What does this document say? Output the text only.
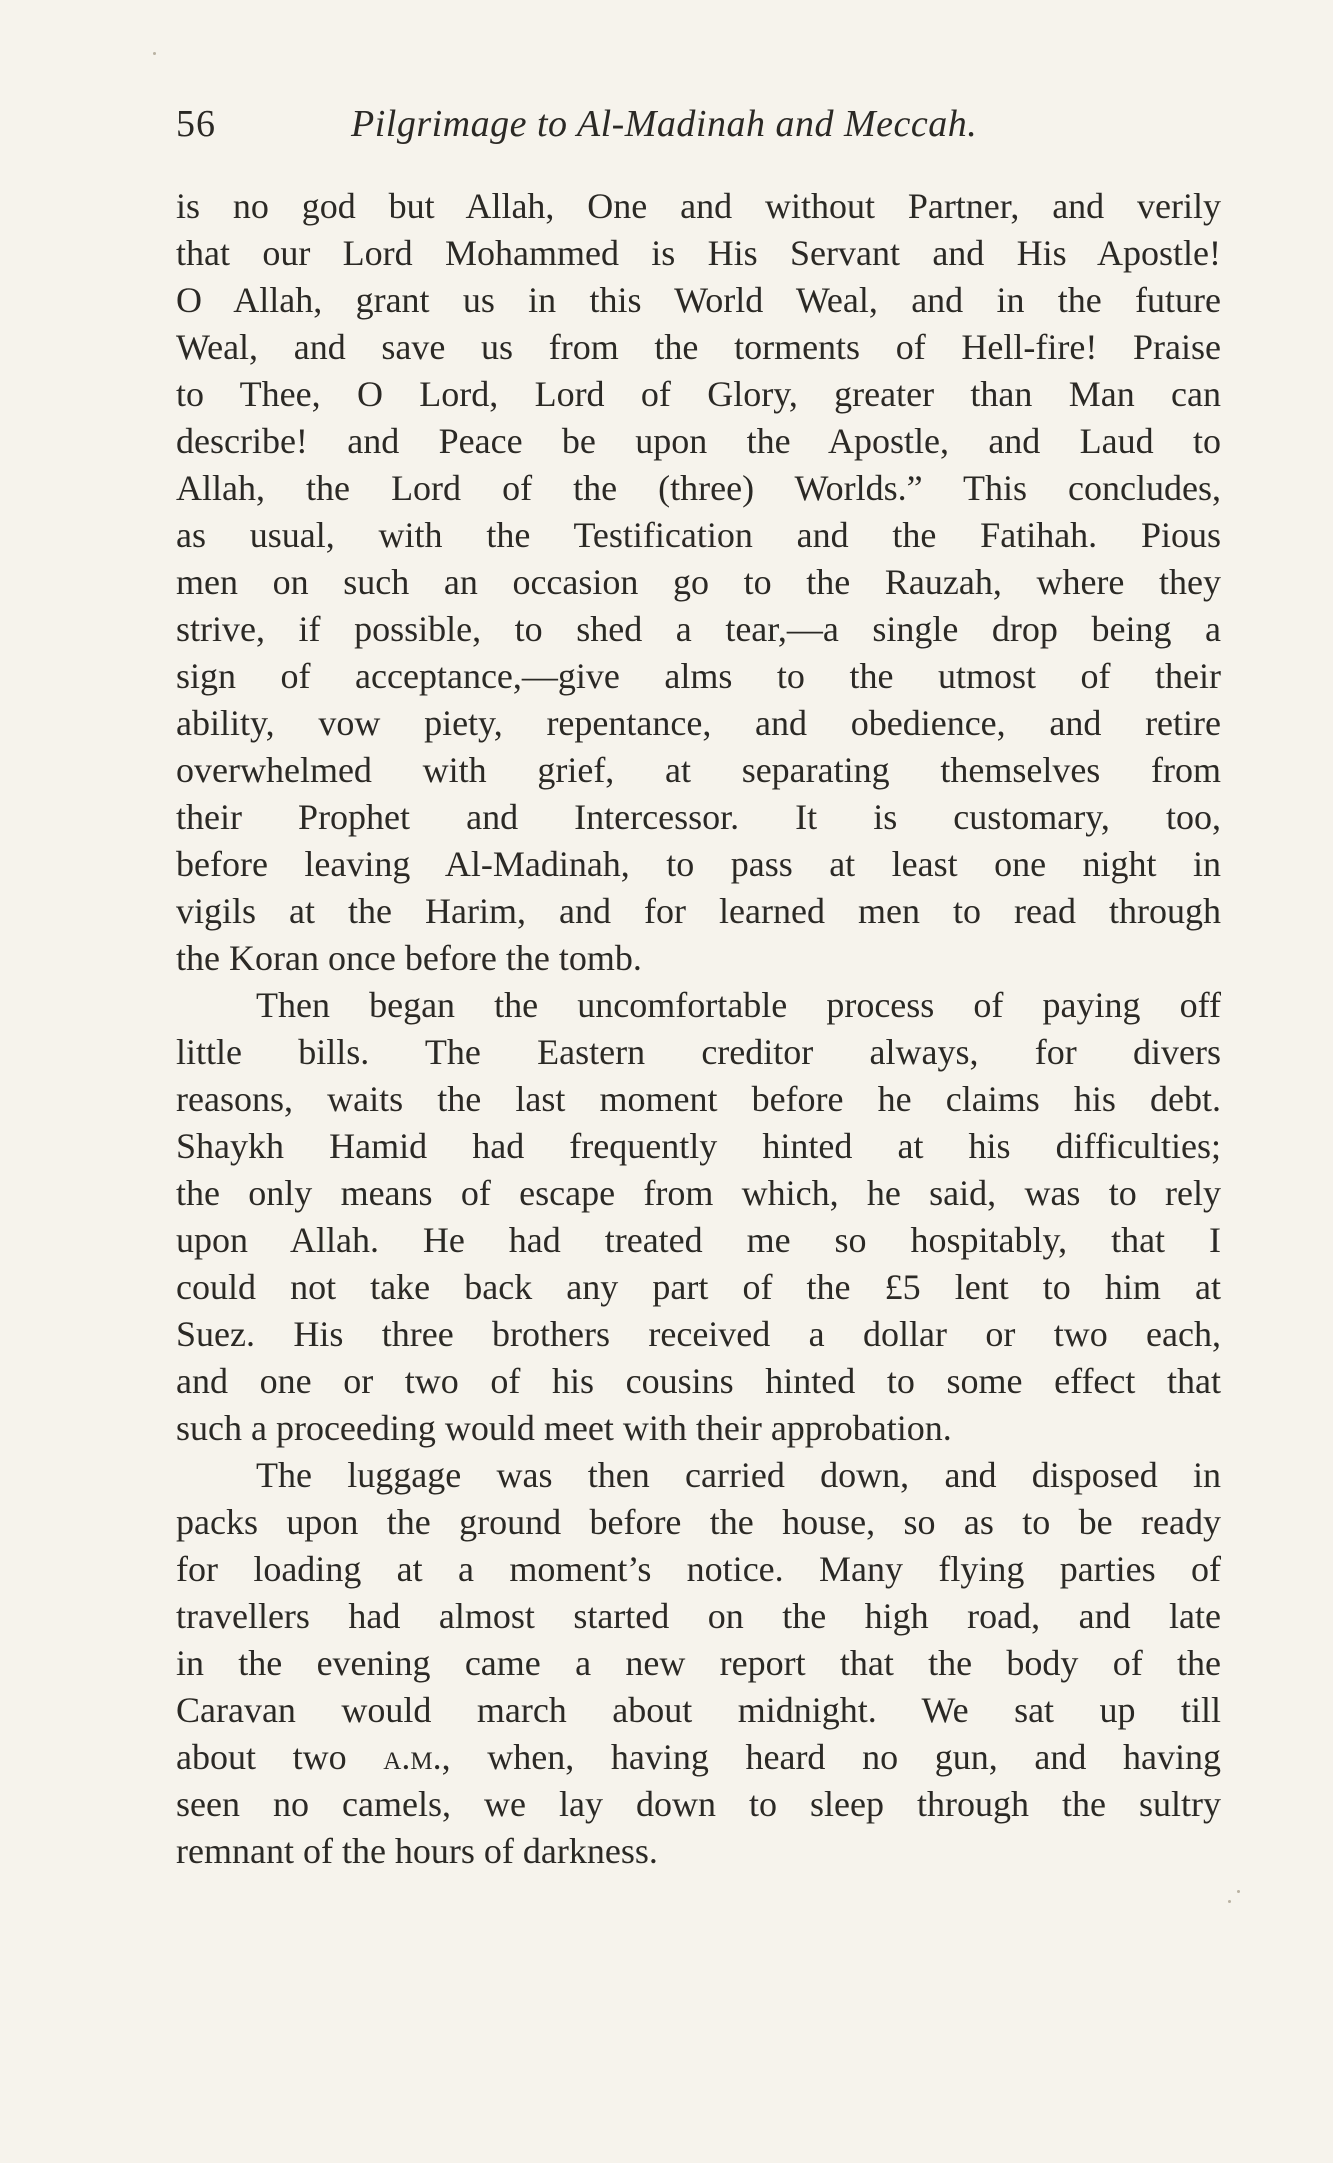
56	Pilgrimage to Al-Madinah and Meccah.
is no god but Allah, One and without Partner, and verily
that our Lord Mohammed is His Servant and His Apostle!
O Allah, grant us in this World Weal, and in the future
Weal, and save us from the torments of Hell-fire! Praise
to Thee, O Lord, Lord of Glory, greater than Man can
describe! and Peace be upon the Apostle, and Laud to
Allah, the Lord of the (three) Worlds.” This concludes,
as usual, with the Testification and the Fatihah. Pious
men on such an occasion go to the Rauzah, where they
strive, if possible, to shed a tear,—a single drop being a
sign of acceptance,—give alms to the utmost of their
ability, vow piety, repentance, and obedience, and retire
overwhelmed with grief, at separating themselves from
their Prophet and Intercessor. It is customary, too,
before leaving Al-Madinah, to pass at least one night in
vigils at the Harim, and for learned men to read through
the Koran once before the tomb.
Then began the uncomfortable process of paying off
little bills. The Eastern creditor always, for divers
reasons, waits the last moment before he claims his debt.
Shaykh Hamid had frequently hinted at his difficulties;
the only means of escape from which, he said, was to rely
upon Allah. He had treated me so hospitably, that I
could not take back any part of the £5 lent to him at
Suez. His three brothers received a dollar or two each,
and one or two of his cousins hinted to some effect that
such a proceeding would meet with their approbation.
The luggage was then carried down, and disposed in
packs upon the ground before the house, so as to be ready
for loading at a moment’s notice. Many flying parties of
travellers had almost started on the high road, and late
in the evening came a new report that the body of the
Caravan would march about midnight. We sat up till
about two a.m., when, having heard no gun, and having
seen no camels, we lay down to sleep through the sultry
remnant of the hours of darkness.
